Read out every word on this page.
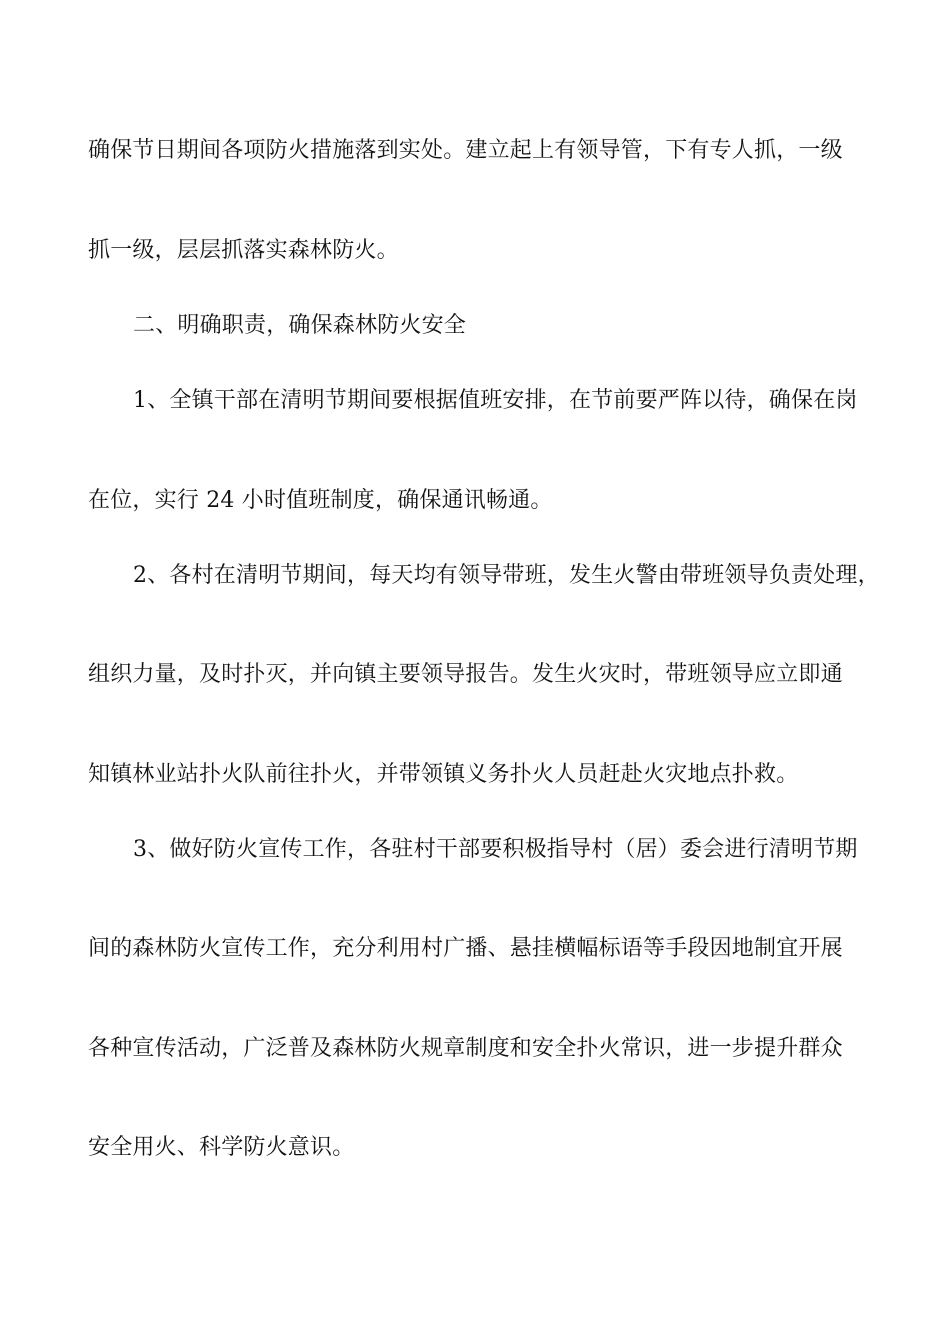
确保节日期间各项防火措施落到实处。建立起上有领导管，下有专人抓，一级
抓一级，层层抓落实森林防火。
二、明确职责，确保森林防火安全
1、全镇干部在清明节期间要根据值班安排，在节前要严阵以待，确保在岗
在位，实行 24 小时值班制度，确保通讯畅通。
2、各村在清明节期间，每天均有领导带班，发生火警由带班领导负责处理，
组织力量，及时扑灭，并向镇主要领导报告。发生火灾时，带班领导应立即通
知镇林业站扑火队前往扑火，并带领镇义务扑火人员赶赴火灾地点扑救。
3、做好防火宣传工作，各驻村干部要积极指导村（居）委会进行清明节期
间的森林防火宣传工作，充分利用村广播、悬挂横幅标语等手段因地制宜开展
各种宣传活动，广泛普及森林防火规章制度和安全扑火常识，进一步提升群众
安全用火、科学防火意识。
